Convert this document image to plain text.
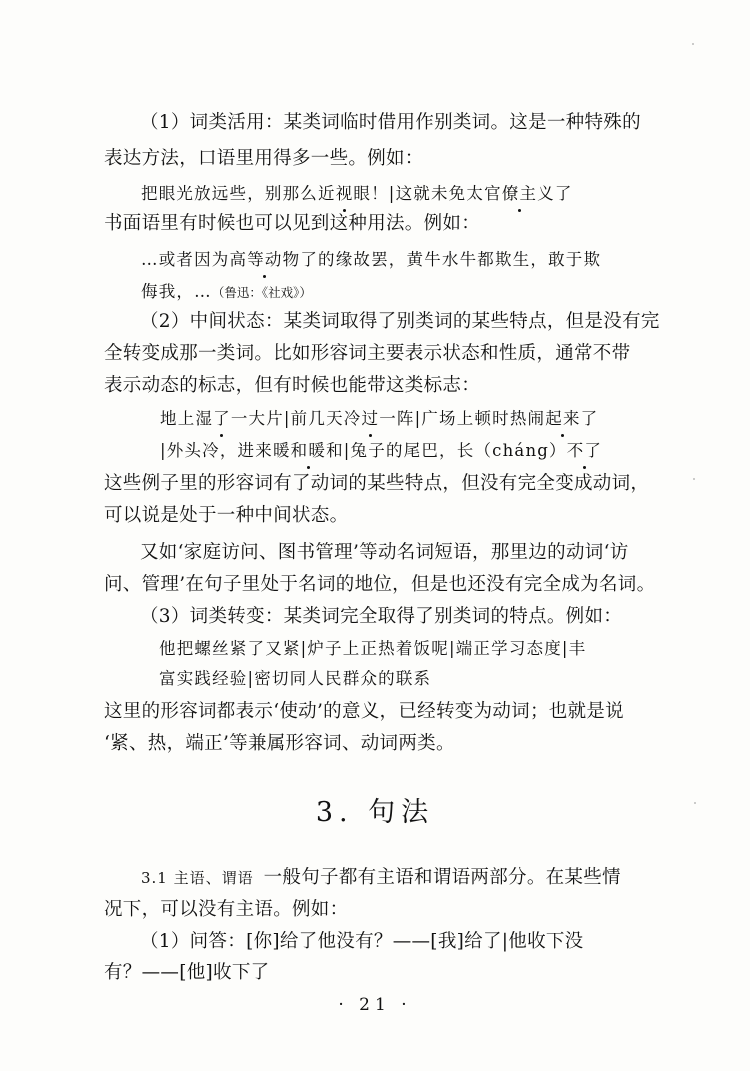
（1）词类活用：某类词临时借用作别类词。这是一种特殊的
表达方法，口语里用得多一些。例如：
把眼光放远些，别那么近视眼！|这就未免太官僚主义了
书面语里有时候也可以见到这种用法。例如：
…或者因为高等动物了的缘故罢，黄牛水牛都欺生，敢于欺
侮我，…（鲁迅：《社戏》）
（2）中间状态：某类词取得了别类词的某些特点，但是没有完
全转变成那一类词。比如形容词主要表示状态和性质，通常不带
表示动态的标志，但有时候也能带这类标志：
地上湿了一大片|前几天冷过一阵|广场上顿时热闹起来了
|外头冷，进来暖和暖和|兔子的尾巴，长（cháng）不了
这些例子里的形容词有了动词的某些特点，但没有完全变成动词，
可以说是处于一种中间状态。
又如‘家庭访问、图书管理’等动名词短语，那里边的动词‘访
问、管理’在句子里处于名词的地位，但是也还没有完全成为名词。
（3）词类转变：某类词完全取得了别类词的特点。例如：
他把螺丝紧了又紧|炉子上正热着饭呢|端正学习态度|丰
富实践经验|密切同人民群众的联系
这里的形容词都表示‘使动’的意义，已经转变为动词；也就是说
‘紧、热，端正’等兼属形容词、动词两类。
3. 句法
3.1 主语、谓语 一般句子都有主语和谓语两部分。在某些情
况下，可以没有主语。例如：
（1）问答：[你]给了他没有？——[我]给了|他收下没
有？——[他]收下了
· 21 ·
